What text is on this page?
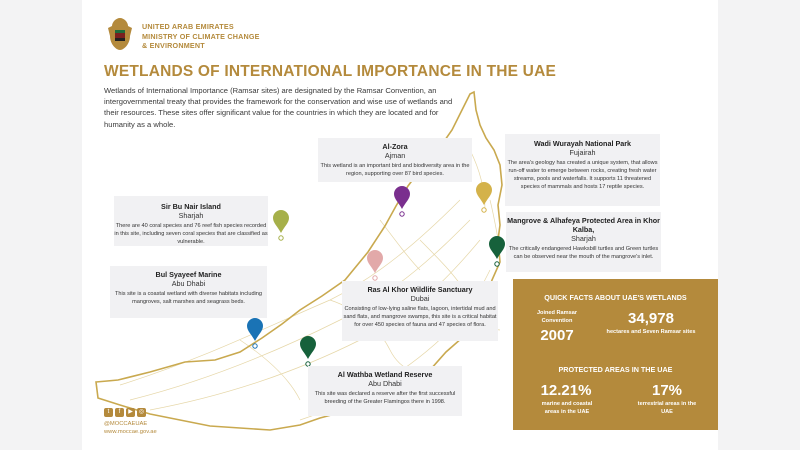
UNITED ARAB EMIRATES
MINISTRY OF CLIMATE CHANGE
& ENVIRONMENT
WETLANDS OF INTERNATIONAL IMPORTANCE IN THE UAE
Wetlands of International Importance (Ramsar sites) are designated by the Ramsar Convention, an intergovernmental treaty that provides the framework for the conservation and wise use of wetlands and their resources. These sites offer significant value for the countries in which they are located and for humanity as a whole.
Al-Zora
Ajman
This wetland is an important bird and biodiversity area in the region, supporting over 87 bird species.
Wadi Wurayah National Park
Fujairah
The area's geology has created a unique system, that allows run-off water to emerge between rocks, creating fresh water streams, pools and waterfalls. It supports 11 threatened species of mammals and hosts 17 reptile species.
Sir Bu Nair Island
Sharjah
There are 40 coral species and 76 reef fish species recorded in this site, including seven coral species that are classified as vulnerable.
Mangrove & Alhafeya Protected Area in Khor Kalba,
Sharjah
The critically endangered Hawksbill turtles and Green turtles can be observed near the mouth of the mangrove's inlet.
Bul Syayeef Marine
Abu Dhabi
This site is a coastal wetland with diverse habitats including mangroves, salt marshes and seagrass beds.
Ras Al Khor Wildlife Sanctuary
Dubai
Consisting of low-lying saline flats, lagoon, intertidal mud and sand flats, and mangrove swamps, this site is a critical habitat for over 450 species of fauna and 47 species of flora.
Al Wathba Wetland Reserve
Abu Dhabi
This site was declared a reserve after the first successful breeding of the Greater Flamingos there in 1998.
QUICK FACTS ABOUT UAE'S WETLANDS
Joined Ramsar Convention
2007
34,978
hectares and Seven Ramsar sites
PROTECTED AREAS IN THE UAE
12.21%
marine and coastal areas in the UAE
17%
terrestrial areas in the UAE
t f ▶ ◎
@MOCCAEUAE
www.moccae.gov.ae
